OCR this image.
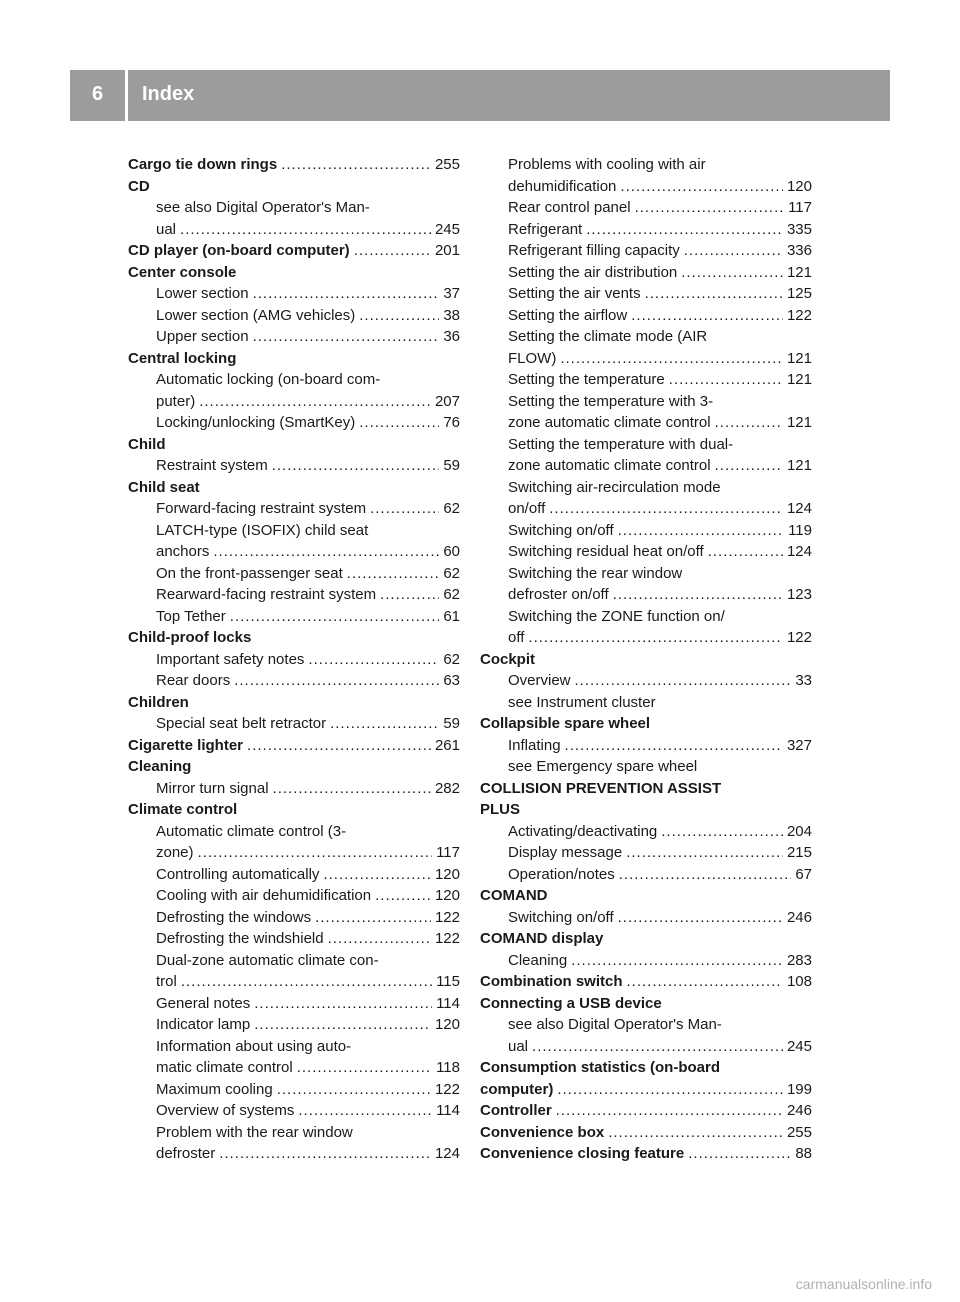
6 Index
Cargo tie down rings .....	255
CD
see also Digital Operator's Man-
ual .....	245
CD player (on-board computer) .....	201
Center console
Lower section .....	37
Lower section (AMG vehicles) .....	38
Upper section .....	36
Central locking
Automatic locking (on-board com-
puter) .....	207
Locking/unlocking (SmartKey) .....	76
Child
Restraint system .....	59
Child seat
Forward-facing restraint system .....	62
LATCH-type (ISOFIX) child seat
anchors .....	60
On the front-passenger seat .....	62
Rearward-facing restraint system .....	62
Top Tether .....	61
Child-proof locks
Important safety notes .....	62
Rear doors .....	63
Children
Special seat belt retractor .....	59
Cigarette lighter .....	261
Cleaning
Mirror turn signal .....	282
Climate control
Automatic climate control (3-
zone) .....	117
Controlling automatically .....	120
Cooling with air dehumidification .....	120
Defrosting the windows .....	122
Defrosting the windshield .....	122
Dual-zone automatic climate con-
trol .....	115
General notes .....	114
Indicator lamp .....	120
Information about using auto-
matic climate control .....	118
Maximum cooling .....	122
Overview of systems .....	114
Problem with the rear window
defroster .....	124
Problems with cooling with air
dehumidification .....	120
Rear control panel .....	117
Refrigerant .....	335
Refrigerant filling capacity .....	336
Setting the air distribution .....	121
Setting the air vents .....	125
Setting the airflow .....	122
Setting the climate mode (AIR
FLOW) .....	121
Setting the temperature .....	121
Setting the temperature with 3-
zone automatic climate control .....	121
Setting the temperature with dual-
zone automatic climate control .....	121
Switching air-recirculation mode
on/off .....	124
Switching on/off .....	119
Switching residual heat on/off .....	124
Switching the rear window
defroster on/off .....	123
Switching the ZONE function on/
off .....	122
Cockpit
Overview .....	33
see Instrument cluster
Collapsible spare wheel
Inflating .....	327
see Emergency spare wheel
COLLISION PREVENTION ASSIST
PLUS
Activating/deactivating .....	204
Display message .....	215
Operation/notes .....	67
COMAND
Switching on/off .....	246
COMAND display
Cleaning .....	283
Combination switch .....	108
Connecting a USB device
see also Digital Operator's Man-
ual .....	245
Consumption statistics (on-board
computer) .....	199
Controller .....	246
Convenience box .....	255
Convenience closing feature .....	88
carmanualsonline.info
